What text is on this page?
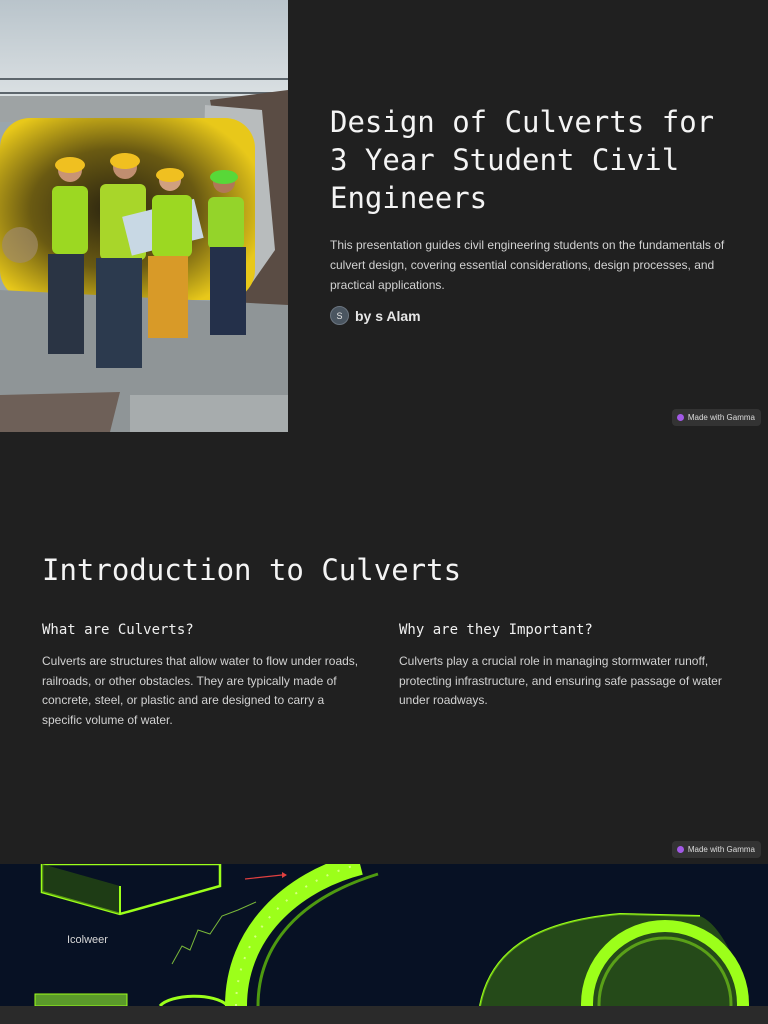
Design of Culverts for 3 Year Student Civil Engineers

This presentation guides civil engineering students on the fundamentals of culvert design, covering essential considerations, design processes, and practical applications.

S by s Alam
Made with Gamma
Introduction to Culverts
What are Culverts?

Culverts are structures that allow water to flow under roads, railroads, or other obstacles. They are typically made of concrete, steel, or plastic and are designed to carry a specific volume of water.

Why are they Important?

Culverts play a crucial role in managing stormwater runoff, protecting infrastructure, and ensuring safe passage of water under roadways.

Made with Gamma
Icolweer
